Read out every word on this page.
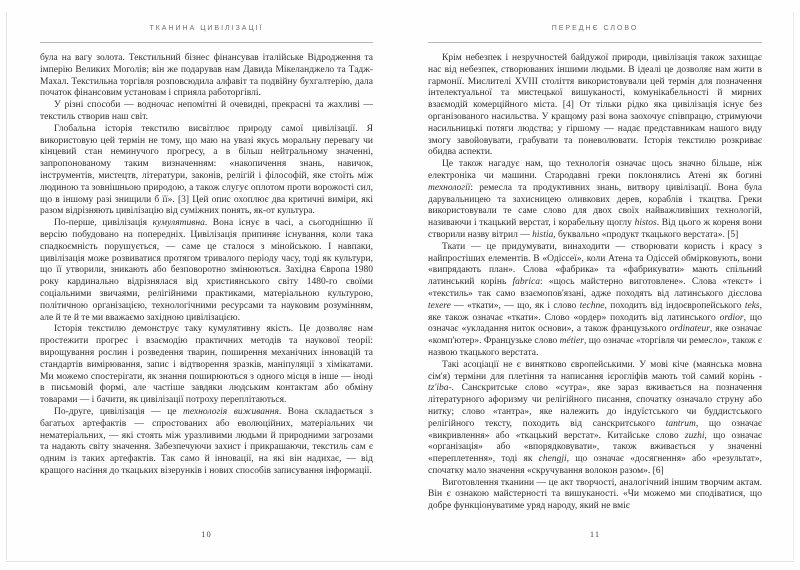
ТКАНИНА ЦИВІЛІЗАЦІЇ

була на вагу золота. Текстильний бізнес фінансував італійське Відродження та імперію Великих Моголів; він же подарував нам Давида Мікеланджело та Тадж-Махал. Текстильна торгівля розповсюдила алфавіт та подвійну бухгалтерію, дала початок фінансовим установам і сприяла работоргівлі.

У різні способи — водночас непомітні й очевидні, прекрасні та жахливі — текстиль створив наш світ.

Глобальна історія текстилю висвітлює природу самої цивілізації. Я використовую цей термін не тому, що маю на увазі якусь моральну перевагу чи кінцевий стан неминучого прогресу, а в більш нейтральному значенні, запропонованому таким визначенням: «накопичення знань, навичок, інструментів, мистецтв, літератури, законів, релігій і філософій, яке стоїть між людиною та зовнішньою природою, а також слугує оплотом проти ворожості сил, що в іншому разі знищили б її». [3] Цей опис охоплює два критичні виміри, які разом відрізняють цивілізацію від суміжних понять, як-от культура.

По-перше, цивілізація кумулятивна. Вона існує в часі, а сьогоднішню її версію побудовано на попередніх. Цивілізація припиняє існування, коли така спадкоємність порушується, — саме це сталося з мінойською. І навпаки, цивілізація може розвиватися протягом тривалого періоду часу, тоді як культури, що її утворили, зникають або безповоротно змінюються. Західна Європа 1980 року кардинально відрізнялася від християнського світу 1480-го своїми соціальними звичаями, релігійними практиками, матеріальною культурою, політичною організацією, технологічними ресурсами та науковим розумінням, але й те й те ми вважаємо західною цивілізацією.

Історія текстилю демонструє таку кумулятивну якість. Це дозволяє нам простежити прогрес і взаємодію практичних методів та наукової теорії: вирощування рослин і розведення тварин, поширення механічних інновацій та стандартів вимірювання, запис і відтворення зразків, маніпуляції з хімікатами. Ми можемо спостерігати, як знання поширюються з одного місця в інше — іноді в письмовій формі, але частіше завдяки людським контактам або обміну товарами — і бачити, як цивілізації потроху переплітаються.

По-друге, цивілізація — це технологія виживання. Вона складається з багатьох артефактів — спростованих або еволюційних, матеріальних чи нематеріальних, — які стоять між уразливими людьми й природними загрозами та надають світу значення. Забезпечуючи захист і прикрашаючи, текстиль сам є одним із таких артефактів. Так само й інновації, на які він надихає, — від кращого насіння до ткацьких візерунків і нових способів записування інформації.

ПЕРЕДНЄ СЛОВО

Крім небезпек і незручностей байдужої природи, цивілізація також захищає нас від небезпек, створюваних іншими людьми. В ідеалі це дозволяє нам жити в гармонії. Мислителі XVIII століття використовували цей термін для позначення інтелектуальної та мистецької вишуканості, комунікабельності й мирних взаємодій комерційного міста. [4] От тільки рідко яка цивілізація існує без організованого насильства. У кращому разі вона заохочує співпрацю, стримуючи насильницькі потяги людства; у гіршому — надає представникам нашого виду змогу завойовувати, грабувати та поневолювати. Історія текстилю розкриває обидва аспекти.

Це також нагадує нам, що технологія означає щось значно більше, ніж електроніка чи машини. Стародавні греки поклонялись Атені як богині технології: ремесла та продуктивних знань, витвору цивілізації. Вона була дарувальницею та захисницею оливкових дерев, кораблів і ткацтва. Греки використовували те саме слово для двох своїх найважливіших технологій, називаючи і ткацький верстат, і корабельну щоглу histos. Від цього ж кореня вони створили назву вітрил — histia, буквально «продукт ткацького верстата». [5]

Ткати — це придумувати, винаходити — створювати користь і красу з найпростіших елементів. В «Одіссеї», коли Атена та Одіссей обмірковують, вони «випрядають план». Слова «фабрика» та «фабрикувати» мають спільний латинський корінь fabrica: «щось майстерно виготовлене». Слова «текст» і «текстиль» так само взаємопов'язані, адже походять від латинського дієслова texere — «ткати», — що, як і слово techne, походить від індоєвропейського teks, яке також означає «ткати». Слово «ордер» походить від латинського ordior, що означає «укладання ниток основи», а також французького ordinateur, яке означає «комп'ютер». Французьке слово métier, що означає «торгівля чи ремесло», також є назвою ткацького верстата.

Такі асоціації не є винятково європейськими. У мові кіче (маянська мовна сім'я) терміни для плетіння та написання ієрогліфів мають той самий корінь -tz'iba-. Санскритське слово «сутра», яке зараз вживається на позначення літературного афоризму чи релігійного писання, спочатку означало струну або нитку; слово «тантра», яке належить до індуїстського чи буддистського релігійного тексту, походить від санскритського tantrum, що означає «викривлення» або «ткацький верстат». Китайське слово zuzhi, що означає «організація» або «впорядковувати», також вживається у значенні «переплетення», тоді як chengji, що означає «досягнення» або «результат», спочатку мало значення «скручування волокон разом». [6]

Виготовлення тканини — це акт творчості, аналогічний іншим творчим актам. Він є ознакою майстерності та вишуканості. «Чи можемо ми сподіватися, що добре функціонуватиме уряд народу, який не вміє

10	11
